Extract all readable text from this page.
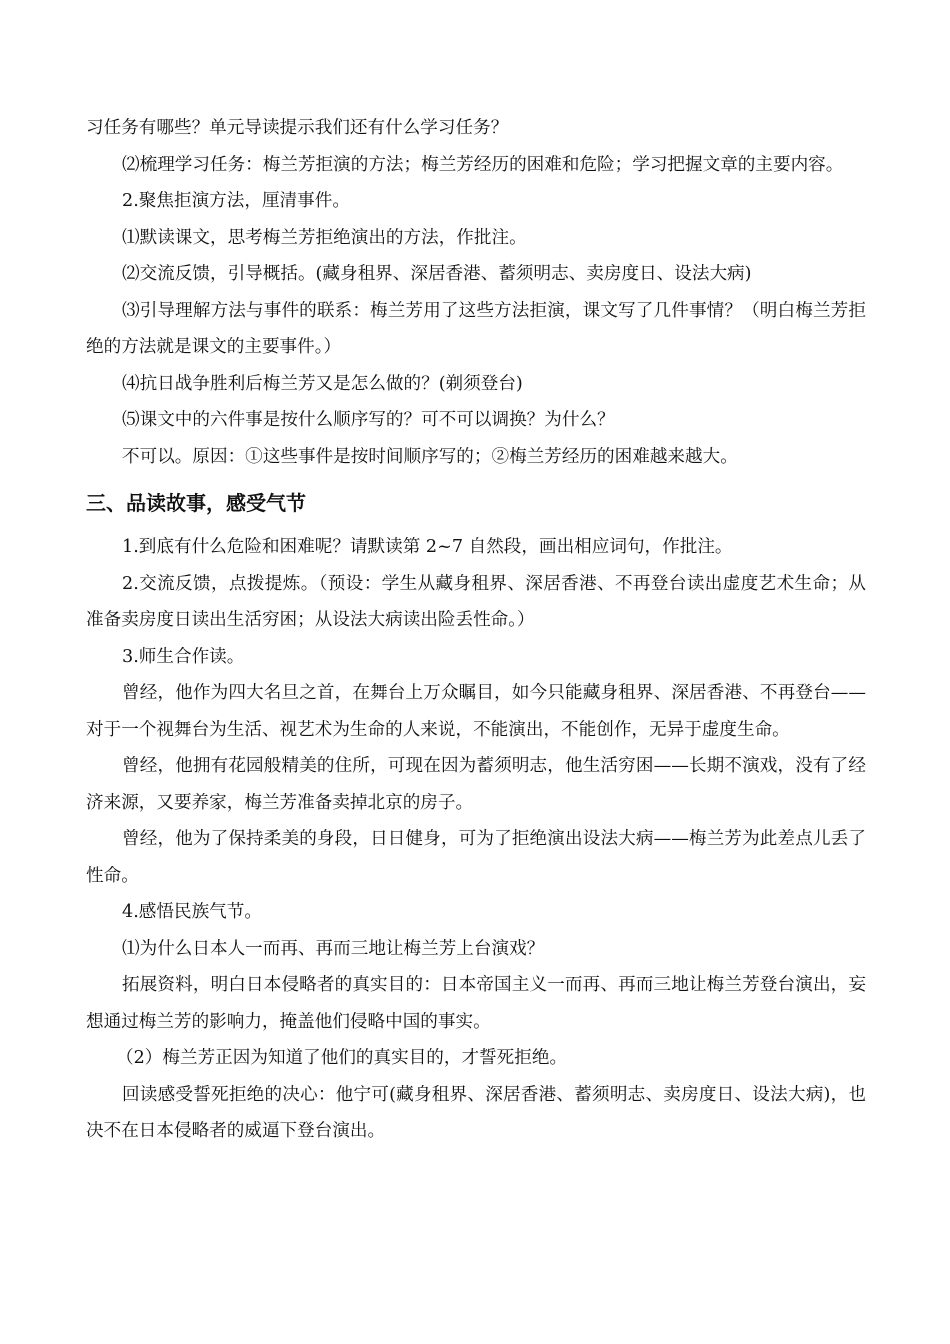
习任务有哪些？单元导读提示我们还有什么学习任务？

⑵梳理学习任务：梅兰芳拒演的方法；梅兰芳经历的困难和危险；学习把握文章的主要内容。

2.聚焦拒演方法，厘清事件。

⑴默读课文，思考梅兰芳拒绝演出的方法，作批注。

⑵交流反馈，引导概括。(藏身租界、深居香港、蓄须明志、卖房度日、设法大病)

⑶引导理解方法与事件的联系：梅兰芳用了这些方法拒演，课文写了几件事情？（明白梅兰芳拒绝的方法就是课文的主要事件。）

⑷抗日战争胜利后梅兰芳又是怎么做的？(剃须登台)

⑸课文中的六件事是按什么顺序写的？可不可以调换？为什么？

不可以。原因：①这些事件是按时间顺序写的；②梅兰芳经历的困难越来越大。

三、品读故事，感受气节

1.到底有什么危险和困难呢？请默读第 2~7 自然段，画出相应词句，作批注。

2.交流反馈，点拨提炼。（预设：学生从藏身租界、深居香港、不再登台读出虚度艺术生命；从准备卖房度日读出生活穷困；从设法大病读出险丢性命。）

3.师生合作读。

曾经，他作为四大名旦之首，在舞台上万众瞩目，如今只能藏身租界、深居香港、不再登台——对于一个视舞台为生活、视艺术为生命的人来说，不能演出，不能创作，无异于虚度生命。

曾经，他拥有花园般精美的住所，可现在因为蓄须明志，他生活穷困——长期不演戏，没有了经济来源，又要养家，梅兰芳准备卖掉北京的房子。

曾经，他为了保持柔美的身段，日日健身，可为了拒绝演出设法大病——梅兰芳为此差点儿丢了性命。

4.感悟民族气节。

⑴为什么日本人一而再、再而三地让梅兰芳上台演戏？

拓展资料，明白日本侵略者的真实目的：日本帝国主义一而再、再而三地让梅兰芳登台演出，妄想通过梅兰芳的影响力，掩盖他们侵略中国的事实。

（2）梅兰芳正因为知道了他们的真实目的，才誓死拒绝。

回读感受誓死拒绝的决心：他宁可(藏身租界、深居香港、蓄须明志、卖房度日、设法大病)，也决不在日本侵略者的威逼下登台演出。
